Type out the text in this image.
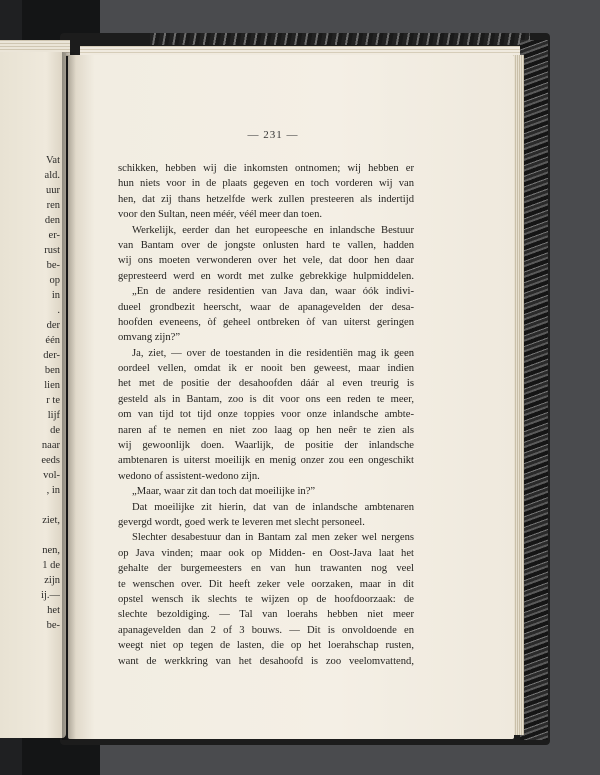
Vat
ald.
uur
ren
den
er-
rust
be-
op
in
.
der
één
der-
ben
lien
r te
lijf
de
naar
eeds
vol-
, in
ziet,
nen,
1 de
zijn
ij.—
het
be-
— 231 —
schikken, hebben wij die inkomsten ontnomen; wij hebben er
hun niets voor in de plaats gegeven en toch vorderen wij van
hen, dat zij thans hetzelfde werk zullen presteeren als indertijd
voor den Sultan, neen méér, véél meer dan toen.
Werkelijk, eerder dan het europeesche en inlandsche Bestuur
van Bantam over de jongste onlusten hard te vallen, hadden
wij ons moeten verwonderen over het vele, dat door hen daar
gepresteerd werd en wordt met zulke gebrekkige hulpmiddelen.
„En de andere residentien van Java dan, waar óók indivi-
dueel grondbezit heerscht, waar de apanagevelden der desa-
hoofden eveneens, òf geheel ontbreken òf van uiterst geringen
omvang zijn?”
Ja, ziet, — over de toestanden in die residentiën mag ik geen
oordeel vellen, omdat ik er nooit ben geweest, maar indien
het met de positie der desahoofden dáár al even treurig is
gesteld als in Bantam, zoo is dit voor ons een reden te meer,
om van tijd tot tijd onze toppies voor onze inlandsche ambte-
naren af te nemen en niet zoo laag op hen neêr te zien als
wij gewoonlijk doen. Waarlijk, de positie der inlandsche
ambtenaren is uiterst moeilijk en menig onzer zou een ongeschikt
wedono of assistent-wedono zijn.
„Maar, waar zit dan toch dat moeilijke in?”
Dat moeilijke zit hierin, dat van de inlandsche ambtenaren
gevergd wordt, goed werk te leveren met slecht personeel.
Slechter desabestuur dan in Bantam zal men zeker wel nergens
op Java vinden; maar ook op Midden- en Oost-Java laat het
gehalte der burgemeesters en van hun trawanten nog veel
te wenschen over. Dit heeft zeker vele oorzaken, maar in dit
opstel wensch ik slechts te wijzen op de hoofdoorzaak: de
slechte bezoldiging. — Tal van loerahs hebben niet meer
apanagevelden dan 2 of 3 bouws. — Dit is onvoldoende en
weegt niet op tegen de lasten, die op het loerahschap rusten,
want de werkkring van het desahoofd is zoo veelomvattend,
